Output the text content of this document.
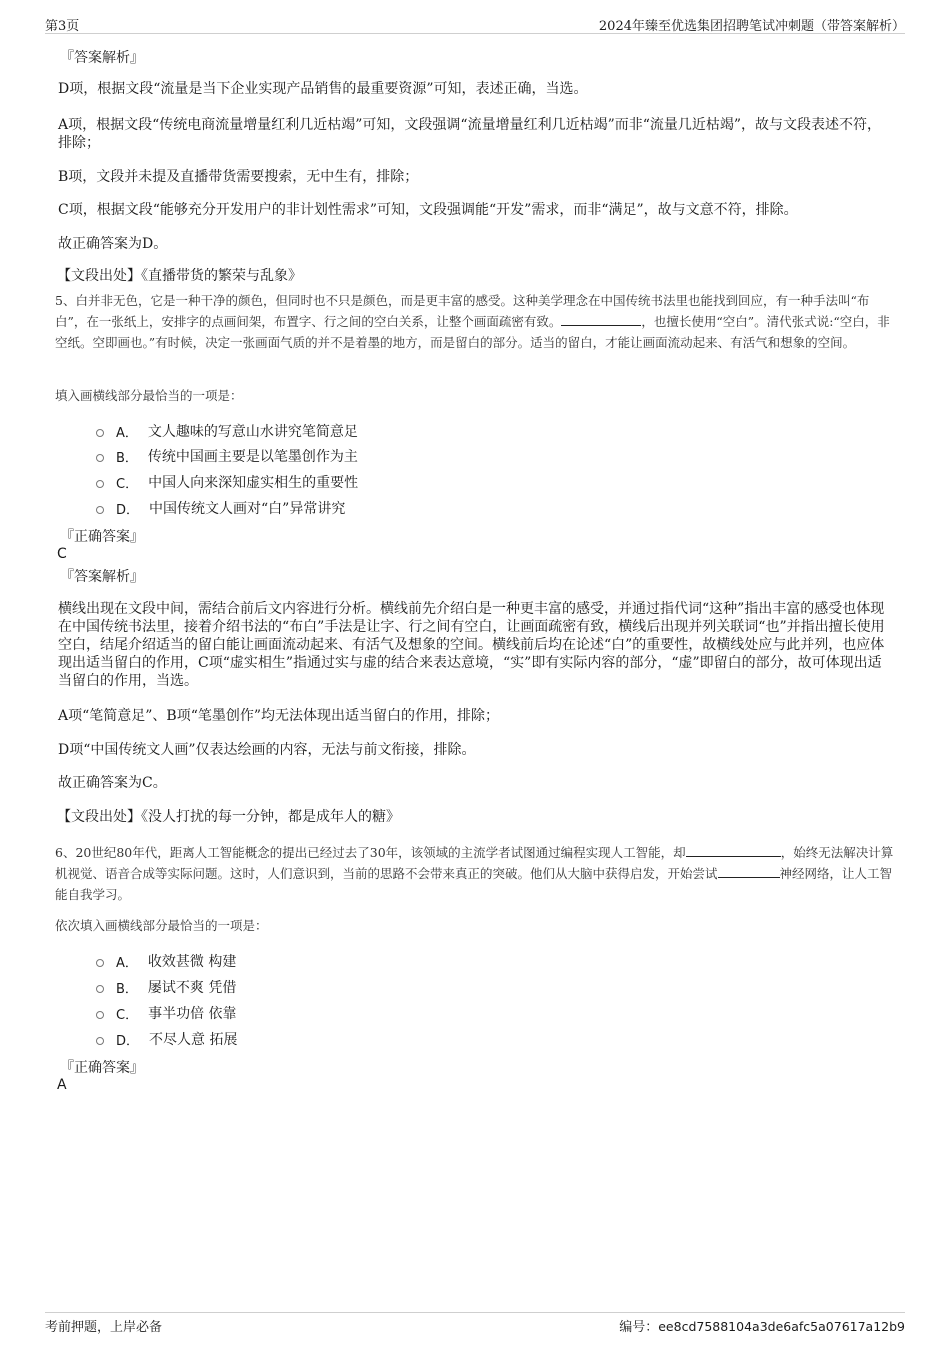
第3页	2024年臻至优选集团招聘笔试冲刺题（带答案解析）
『答案解析』
D项，根据文段“流量是当下企业实现产品销售的最重要资源”可知，表述正确，当选。
A项，根据文段“传统电商流量增量红利几近枯竭”可知，文段强调“流量增量红利几近枯竭”而非“流量几近枯竭”，故与文段表述不符，排除；
B项，文段并未提及直播带货需要搜索，无中生有，排除；
C项，根据文段“能够充分开发用户的非计划性需求”可知，文段强调能“开发”需求，而非“满足”，故与文意不符，排除。
故正确答案为D。
【文段出处】《直播带货的繁荣与乱象》
5、白并非无色，它是一种干净的颜色，但同时也不只是颜色，而是更丰富的感受。这种美学理念在中国传统书法里也能找到回应，有一种手法叫“布白”，在一张纸上，安排字的点画间架，布置字、行之间的空白关系，让整个画面疏密有致。	，也擅长使用“空白”。清代张式说:“空白，非空纸。空即画也。”有时候，决定一张画面气质的并不是着墨的地方，而是留白的部分。适当的留白，才能让画面流动起来、有活气和想象的空间。
填入画横线部分最恰当的一项是：
A． 文人趣味的写意山水讲究笔简意足
B． 传统中国画主要是以笔墨创作为主
C． 中国人向来深知虚实相生的重要性
D． 中国传统文人画对“白”异常讲究
『正确答案』
C
『答案解析』
横线出现在文段中间，需结合前后文内容进行分析。横线前先介绍白是一种更丰富的感受，并通过指代词“这种”指出丰富的感受也体现在中国传统书法里，接着介绍书法的“布白”手法是让字、行之间有空白，让画面疏密有致，横线后出现并列关联词“也”并指出擅长使用空白，结尾介绍适当的留白能让画面流动起来、有活气及想象的空间。横线前后均在论述“白”的重要性，故横线处应与此并列，也应体现出适当留白的作用，C项“虚实相生”指通过实与虚的结合来表达意境，“实”即有实际内容的部分，“虚”即留白的部分，故可体现出适当留白的作用，当选。
A项“笔简意足”、B项“笔墨创作”均无法体现出适当留白的作用，排除；
D项“中国传统文人画”仅表达绘画的内容，无法与前文衔接，排除。
故正确答案为C。
【文段出处】《没人打扰的每一分钟，都是成年人的糖》
6、20世纪80年代，距离人工智能概念的提出已经过去了30年，该领域的主流学者试图通过编程实现人工智能，却	，始终无法解决计算机视觉、语音合成等实际问题。这时，人们意识到，当前的思路不会带来真正的突破。他们从大脑中获得启发，开始尝试	神经网络，让人工智能自我学习。
依次填入画横线部分最恰当的一项是：
A． 收效甚微 构建
B． 屡试不爽 凭借
C． 事半功倍 依靠
D． 不尽人意 拓展
『正确答案』
A
考前押题，上岸必备	编号：ee8cd7588104a3de6afc5a07617a12b9
